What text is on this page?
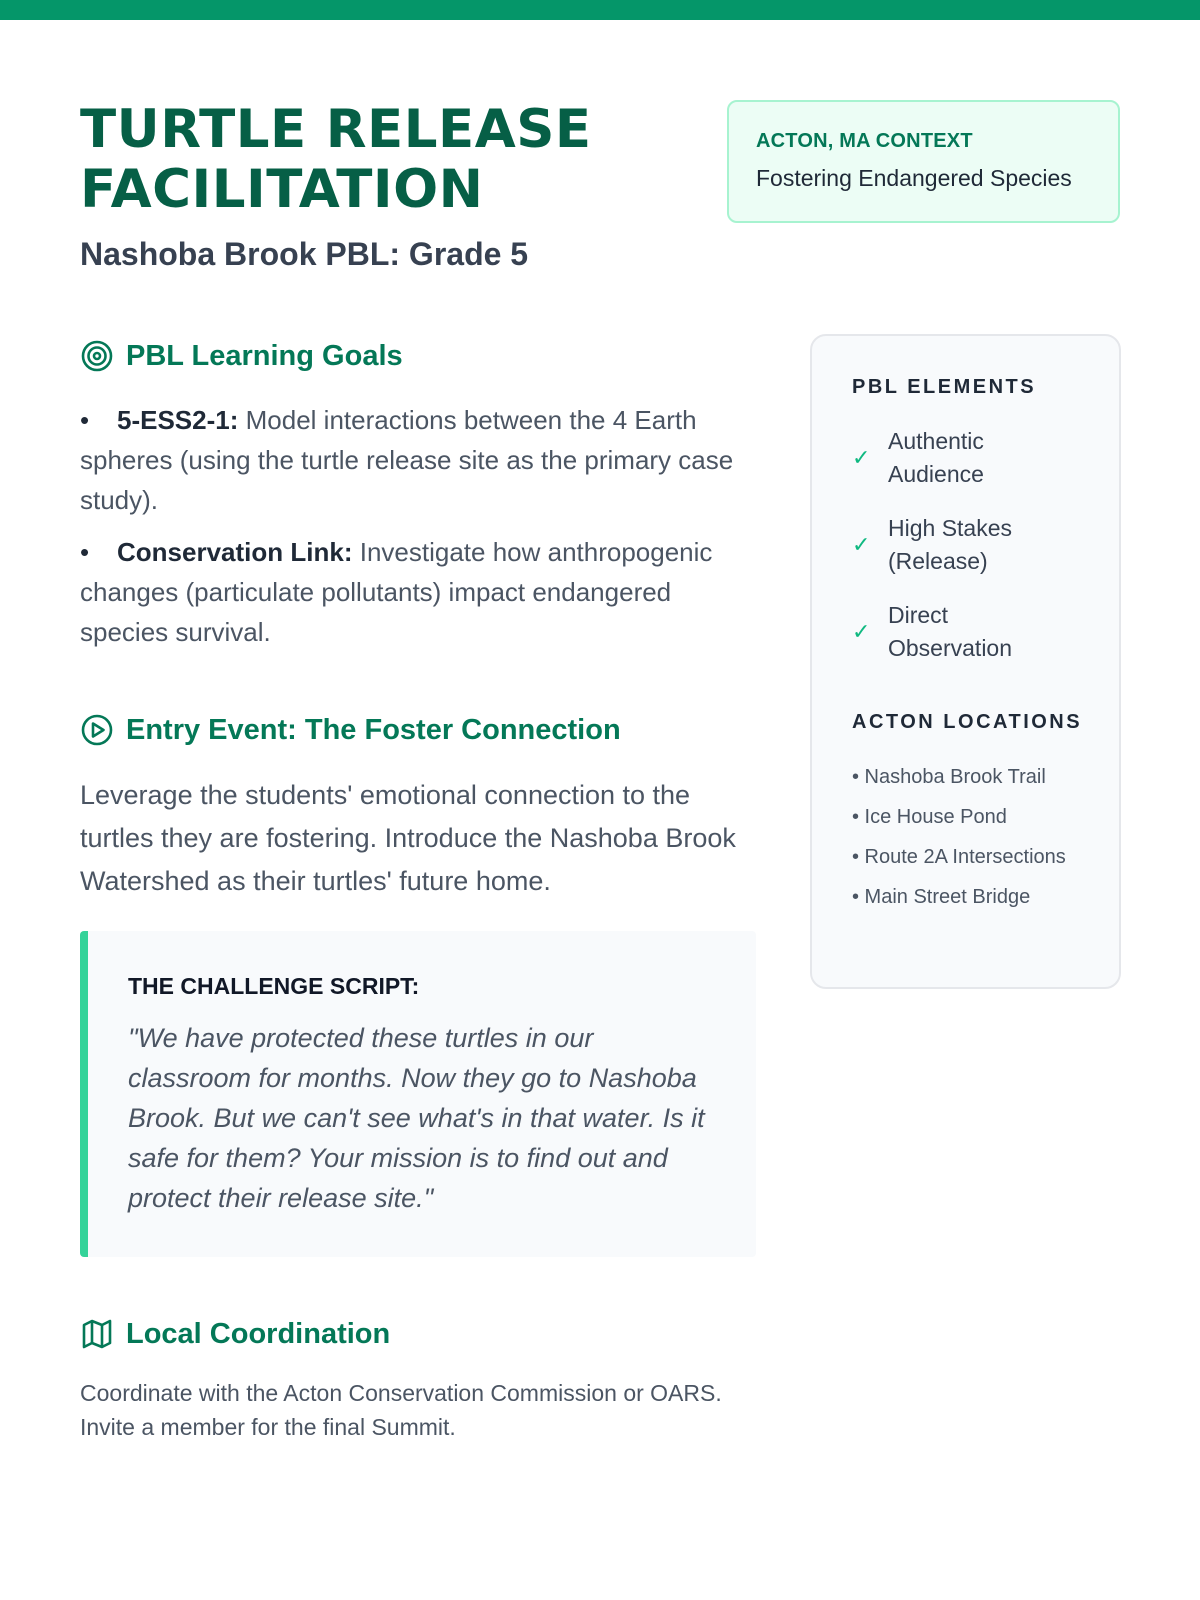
TURTLE RELEASE
FACILITATION
Nashoba Brook PBL: Grade 5
ACTON, MA CONTEXT
Fostering Endangered Species
PBL Learning Goals
• 5-ESS2-1: Model interactions between the 4 Earth spheres (using the turtle release site as the primary case study).
• Conservation Link: Investigate how anthropogenic changes (particulate pollutants) impact endangered species survival.
Entry Event: The Foster Connection

Leverage the students' emotional connection to the turtles they are fostering. Introduce the Nashoba Brook Watershed as their turtles' future home.

THE CHALLENGE SCRIPT:

"We have protected these turtles in our classroom for months. Now they go to Nashoba Brook. But we can't see what's in that water. Is it safe for them? Your mission is to find out and protect their release site."

Local Coordination

Coordinate with the Acton Conservation Commission or OARS. Invite a member for the final Summit.

PBL ELEMENTS
✓
Authentic Audience
✓
High Stakes (Release)
✓
Direct Observation
ACTON LOCATIONS
• Nashoba Brook Trail
• Ice House Pond
• Route 2A Intersections
• Main Street Bridge
